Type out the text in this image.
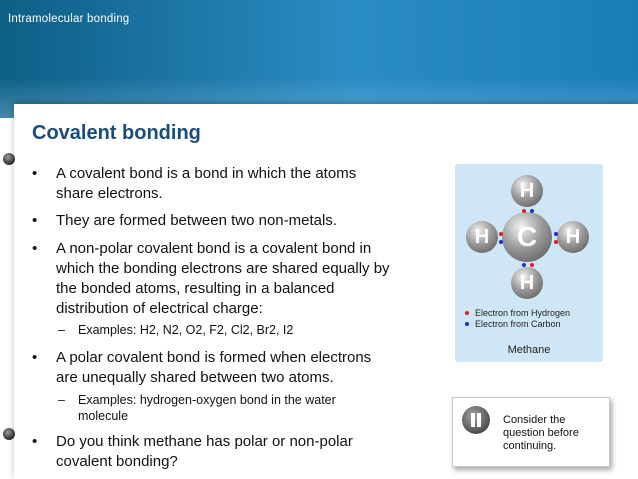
Intramolecular bonding
Covalent bonding
• A covalent bond is a bond in which the atoms
share electrons.
• They are formed between two non-metals.
• A non-polar covalent bond is a covalent bond in
which the bonding electrons are shared equally by
the bonded atoms, resulting in a balanced
distribution of electrical charge:
– Examples: H2, N2, O2, F2, Cl2, Br2, I2
• A polar covalent bond is formed when electrons
are unequally shared between two atoms.
– Examples: hydrogen-oxygen bond in the water
molecule
• Do you think methane has polar or non-polar
covalent bonding?
H
H C	H
H
Electron from Hydrogen
Electron from Carbon
Methane
Consider the question before continuing.
